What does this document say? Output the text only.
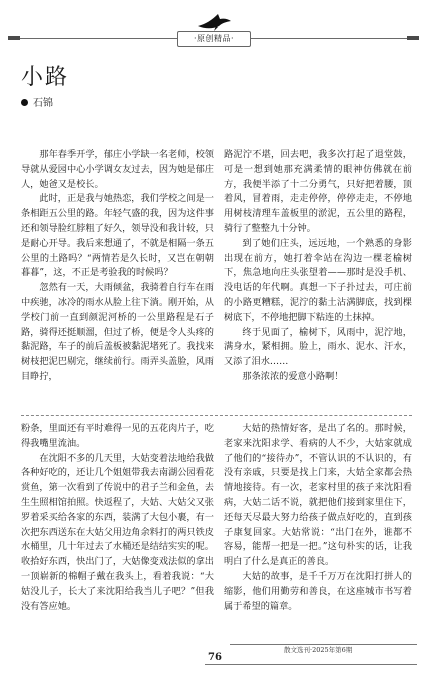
·原创精品·
小路
石锦

那年春季开学，郁庄小学缺一名老师，校领导就从爱园中心小学调女友过去，因为她是郁庄人，她爸又是校长。

此时，正是我与她热恋，我们学校之间是一条相距五公里的路。年轻气盛的我，因为这件事还和领导脸红脖粗了好久，领导没和我计较，只是耐心开导。我后来想通了，不就是相隔一条五公里的土路吗？“两情若是久长时，又岂在朝朝暮暮”，这，不正是考验我的时候吗？

忽然有一天，大雨倾盆，我骑着自行车在雨中疾驰，冰冷的雨水从脸上往下淌。刚开始，从学校门前一直到颜泥河桥的一公里路程是石子路，骑得还挺顺溜，但过了桥，便是令人头疼的黏泥路，车子的前后盖板被黏泥堵死了。我找来树枝把泥巴剔完，继续前行。雨弄头盖脸，风雨目睁拧，

路泥泞不堪，回去吧，我多次打起了退堂鼓，可是一想到她那充满柔情的眼神仿佛就在前方，我便半添了十二分勇气，只好把着腰，顶着风，冒着雨，走走停停，停停走走，不停地用树枝清理车盖板里的淤泥，五公里的路程，骑行了整整九十分钟。

到了她们庄头，远远地，一个熟悉的身影出现在前方，她打着伞站在沟边一棵老榆树下，焦急地向庄头张望着——那时是没手机、没电话的年代啊。真想一下子扑过去，可庄前的小路更糟糕，泥泞的黏土沾满脚底，找到棵树底下，不停地把脚下粘连的土抹掉。

终于见面了，榆树下，风雨中，泥泞地，满身水，紧相拥。脸上，雨水、泥水、汗水，又添了泪水……

那条浓浓的爱意小路啊！

粉条，里面还有平时难得一见的五花肉片子，吃得我嘴里流油。

在沈阳不多的几天里，大姑变着法地给我做各种好吃的，还让几个姐姐带我去南湖公园看花赏鱼，第一次看到了传说中的君子兰和金鱼，去生生照相馆拍照。快返程了，大姑、大姑父又张罗着采买给各家的东西，装满了大包小裹，有一次把东西送东在大姑父用边角余料打的两只铁皮水桶里，几十年过去了水桶还是结结实实的呢。收拾好东西，快出门了，大姑像变戏法似的拿出一顶崭新的棉帽子戴在我头上，看着我说：“大姑没儿子，长大了来沈阳给我当儿子吧？”但我没有答应她。

大姑的热情好客，是出了名的。那时候，老家来沈阳求学、看病的人不少，大姑家就成了他们的“接待办”，不管认识的不认识的，有没有亲戚，只要是找上门来，大姑全家都会热情地接待。有一次，老家村里的孩子来沈阳看病，大姑二话不说，就把他们接到家里住下，还每天尽最大努力给孩子做点好吃的，直到孩子康复回家。大姑常说：“出门在外，谁都不容易，能帮一把是一把。”这句朴实的话，让我明白了什么是真正的善良。

大姑的故事，是千千万万在沈阳打拼人的缩影，他们用勤劳和善良，在这座城市书写着属于希望的篇章。

散文选刊·2025年第6期
76
